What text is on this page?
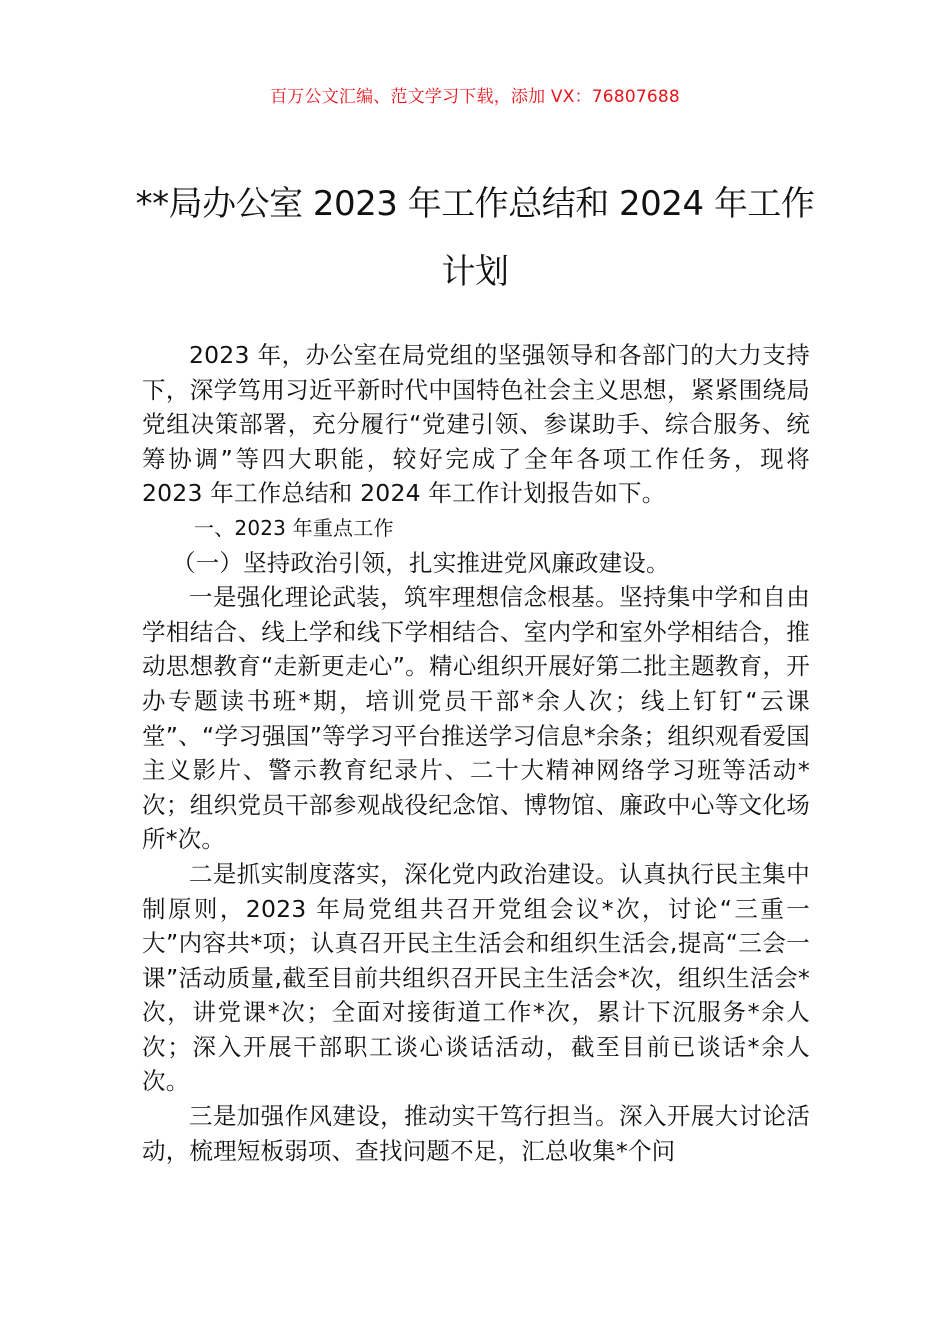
百万公文汇编、范文学习下载，添加 VX：76807688
**局办公室 2023 年工作总结和 2024 年工作
计划

2023 年，办公室在局党组的坚强领导和各部门的大力支持下，深学笃用习近平新时代中国特色社会主义思想，紧紧围绕局党组决策部署，充分履行“党建引领、参谋助手、综合服务、统筹协调”等四大职能，较好完成了全年各项工作任务，现将 2023 年工作总结和 2024 年工作计划报告如下。

一、2023 年重点工作

（一）坚持政治引领，扎实推进党风廉政建设。

一是强化理论武装，筑牢理想信念根基。坚持集中学和自由学相结合、线上学和线下学相结合、室内学和室外学相结合，推动思想教育“走新更走心”。精心组织开展好第二批主题教育，开办专题读书班*期，培训党员干部*余人次；线上钉钉“云课堂”、“学习强国”等学习平台推送学习信息*余条；组织观看爱国主义影片、警示教育纪录片、二十大精神网络学习班等活动*次；组织党员干部参观战役纪念馆、博物馆、廉政中心等文化场所*次。

二是抓实制度落实，深化党内政治建设。认真执行民主集中制原则，2023 年局党组共召开党组会议*次，讨论“三重一大”内容共*项；认真召开民主生活会和组织生活会,提高“三会一课”活动质量,截至目前共组织召开民主生活会*次，组织生活会*次，讲党课*次；全面对接街道工作*次，累计下沉服务*余人次；深入开展干部职工谈心谈话活动，截至目前已谈话*余人次。

三是加强作风建设，推动实干笃行担当。深入开展大讨论活动，梳理短板弱项、查找问题不足，汇总收集*个问
